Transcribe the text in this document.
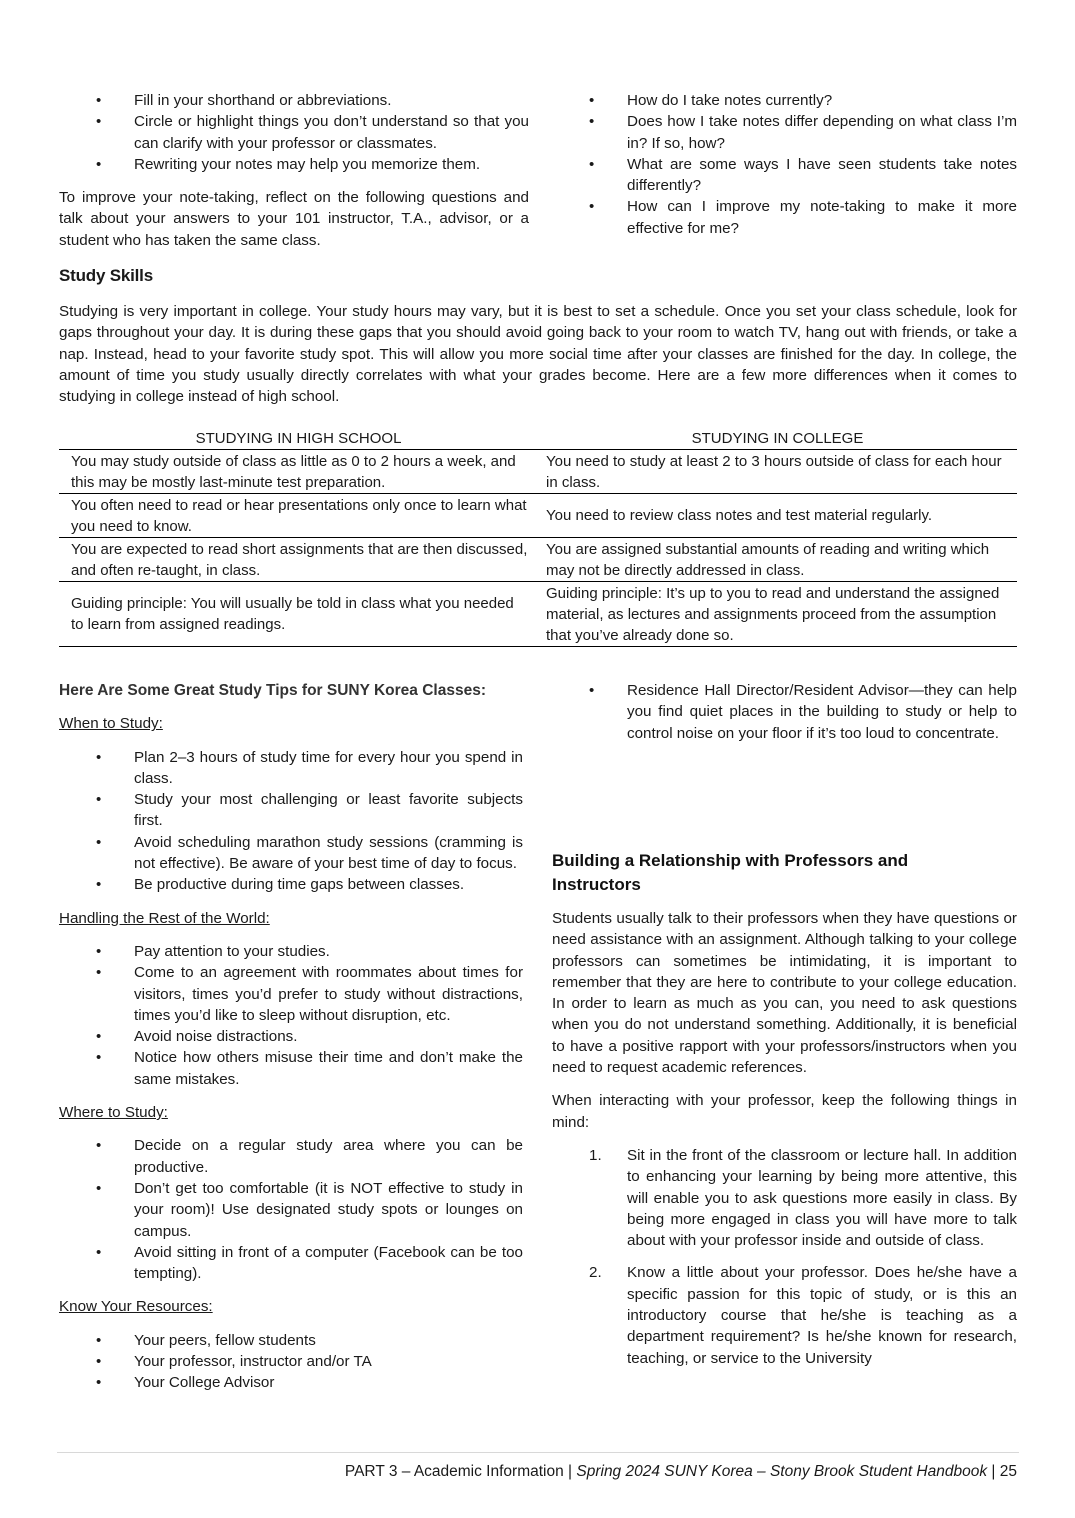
• Fill in your shorthand or abbreviations.
• Circle or highlight things you don’t understand so that you can clarify with your professor or classmates.
• Rewriting your notes may help you memorize them.

To improve your note-taking, reflect on the following questions and talk about your answers to your 101 instructor, T.A., advisor, or a student who has taken the same class.

• How do I take notes currently?
• Does how I take notes differ depending on what class I’m in? If so, how?
• What are some ways I have seen students take notes differently?
• How can I improve my note-taking to make it more effective for me?
Study Skills

Studying is very important in college. Your study hours may vary, but it is best to set a schedule. Once you set your class schedule, look for gaps throughout your day. It is during these gaps that you should avoid going back to your room to watch TV, hang out with friends, or take a nap. Instead, head to your favorite study spot. This will allow you more social time after your classes are finished for the day. In college, the amount of time you study usually directly correlates with what your grades become. Here are a few more differences when it comes to studying in college instead of high school.

STUDYING IN HIGH SCHOOL	STUDYING IN COLLEGE
You may study outside of class as little as 0 to 2 hours a week, and this may be mostly last-minute test preparation.	You need to study at least 2 to 3 hours outside of class for each hour in class.
You often need to read or hear presentations only once to learn what you need to know.	You need to review class notes and test material regularly.
You are expected to read short assignments that are then discussed, and often re-taught, in class.	You are assigned substantial amounts of reading and writing which may not be directly addressed in class.
Guiding principle: You will usually be told in class what you needed to learn from assigned readings.	Guiding principle: It’s up to you to read and understand the assigned material, as lectures and assignments proceed from the assumption that you’ve already done so.
Here Are Some Great Study Tips for SUNY Korea Classes:

When to Study:

• Plan 2–3 hours of study time for every hour you spend in class.
• Study your most challenging or least favorite subjects first.
• Avoid scheduling marathon study sessions (cramming is not effective). Be aware of your best time of day to focus.
• Be productive during time gaps between classes.

Handling the Rest of the World:

• Pay attention to your studies.
• Come to an agreement with roommates about times for visitors, times you’d prefer to study without distractions, times you’d like to sleep without disruption, etc.
• Avoid noise distractions.
• Notice how others misuse their time and don’t make the same mistakes.

Where to Study:

• Decide on a regular study area where you can be productive.
• Don’t get too comfortable (it is NOT effective to study in your room)! Use designated study spots or lounges on campus.
• Avoid sitting in front of a computer (Facebook can be too tempting).

Know Your Resources:

• Your peers, fellow students
• Your professor, instructor and/or TA
• Your College Advisor
• Residence Hall Director/Resident Advisor—they can help you find quiet places in the building to study or help to control noise on your floor if it’s too loud to concentrate.
Building a Relationship with Professors and Instructors

Students usually talk to their professors when they have questions or need assistance with an assignment. Although talking to your college professors can sometimes be intimidating, it is important to remember that they are here to contribute to your college education. In order to learn as much as you can, you need to ask questions when you do not understand something. Additionally, it is beneficial to have a positive rapport with your professors/instructors when you need to request academic references.

When interacting with your professor, keep the following things in mind:

1. Sit in the front of the classroom or lecture hall. In addition to enhancing your learning by being more attentive, this will enable you to ask questions more easily in class. By being more engaged in class you will have more to talk about with your professor inside and outside of class.
2. Know a little about your professor. Does he/she have a specific passion for this topic of study, or is this an introductory course that he/she is teaching as a department requirement? Is he/she known for research, teaching, or service to the University
PART 3 – Academic Information | Spring 2024 SUNY Korea – Stony Brook Student Handbook | 25
